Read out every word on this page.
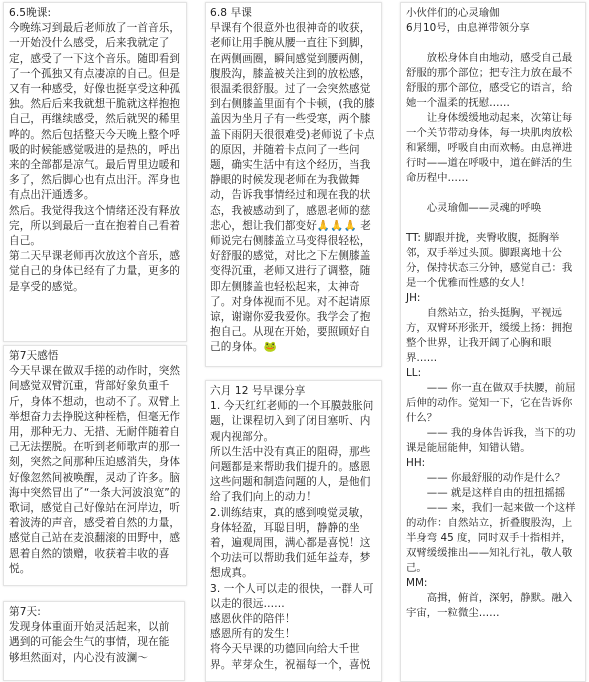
6.5晚课:

今晚练习到最后老师放了一首音乐，一开始没什么感受，后来我就定了定，感受了一下这个音乐。随即看到了一个孤独又有点凄凉的自己。但是又有一种感受，好像也挺享受这种孤独。然后后来我就想干脆就这样抱抱自己，再继续感受，然后就哭的稀里哗的。然后包括整天今天晚上整个呼吸的时候能感觉吸进的是热的，呼出来的全部都是凉气。最后胃里边暖和多了，然后脚心也有点出汗。浑身也有点出汗通透多。

然后。我觉得我这个情绪还没有释放完，所以到最后一直在抱着自己看着自己。

第二天早课老师再次放这个音乐，感觉自己的身体已经有了力量，更多的是享受的感觉。

第7天感悟

今天早课在做双手搓的动作时，突然间感觉双臂沉重，背部好象负重千斤，身体不想动，也动不了。双臂上举想奋力去挣脱这种桎梏，但毫无作用，那种无力、无措、无耐伴随着自己无法摆脱。在听到老师歌声的那一刻，突然之间那种压迫感消失，身体好像忽然间被唤醒，灵动了许多。脑海中突然冒出了“一条大河波浪宽”的歌词，感觉自己好像站在河岸边，听着波涛的声音，感受着自然的力量，感觉自己站在麦浪翻滚的田野中，感恩着自然的馈赠，收获着丰收的喜悦。

第7天:

发现身体重面开始灵活起来，以前遇到的可能会生气的事情，现在能够坦然面对，内心没有波澜～

6.8 早课

早课有个很意外也很神奇的收获，老师让用手腕从腰一直往下到脚，在两侧画圈，瞬间感觉到腰两侧，腹股沟，膝盖被关注到的放松感，很温柔很舒服。过了一会突然感觉到右侧膝盖里面有个卡顿，(我的膝盖因为坐月子有一些受寒，两个膝盖下雨阴天很很难受)老师说了卡点的原因，并随着卡点问了一些问题，确实生活中有这个经历，当我静眼的时候发现老师在为我做舞动，告诉我事情经过和现在我的状态，我被感动到了，感恩老师的慈悲心，想让我们都变好🙏🙏🙏 老师说完右侧膝盖立马变得很轻松，好舒服的感觉，对比之下左侧膝盖变得沉重，老师又进行了调整，随即左侧膝盖也轻松起来，太神奇了。对身体视而不见。对不起请原谅，谢谢你爱我爱你。我学会了抱抱自己。从现在开始，要照顾好自己的身体。🐸

六月 12 号早课分享

1. 今天红红老师的一个耳膜鼓胀问题，让课程切入到了闭目塞听、内观内视部分。

所以生活中没有真正的阻碍，那些问题都是来帮助我们提升的。感恩这些问题和制造问题的人，是他们给了我们向上的动力！

2.训练结束，真的感到嗅觉灵敏，身体轻盈，耳聪目明，静静的坐着，遍观周围，满心都是喜悦！这个功法可以帮助我们延年益寿，梦想成真。

3. 一个人可以走的很快，一群人可以走的很远……

感恩伙伴的陪伴！

感恩所有的发生！

将今天早课的功德回向给大千世界。苹芽众生，祝福每一个，喜悦

小伙伴们的心灵瑜伽

6月10号，由息禅带领分享

放松身体自由地动，感受自己最舒服的那个部位；把专注力放在最不舒服的那个部位，感受它的语言，给她一个温柔的抚慰……

让身体缓缓地动起来，次第让每一个关节带动身体，每一块肌肉放松和紧绷，呼吸自由而欢畅。由息禅进行时——道在呼吸中，道在鲜活的生命历程中……

心灵瑜伽——灵魂的呼唤

TT: 脚跟并拢，夹臀收腹，挺胸举邻，双手举过头顶。脚跟离地十公分，保持状态三分钟，感觉自己：我是一个优雅而性感的女人！

JH:

自然站立，抬头挺胸，平视远方，双臂环形张开，缓缓上扬：拥抱整个世界，让我开阔了心胸和眼界……

LL:

—— 你一直在做双手扶腰，前屈后伸的动作。觉知一下，它在告诉你什么？

—— 我的身体告诉我，当下的功课是能屈能伸，知错认错。

HH:

—— 你最舒服的动作是什么？

—— 就是这样自由的扭扭摇摇

—— 来，我们一起来做一个这样的动作：自然站立，折叠腹股沟，上半身弯 45 度，同时双手十指相并，双臂缓缓推出——知礼行礼，敬人敬己。

MM:

高揖，俯首，深躬，静默。融入宇宙，一粒微尘……
